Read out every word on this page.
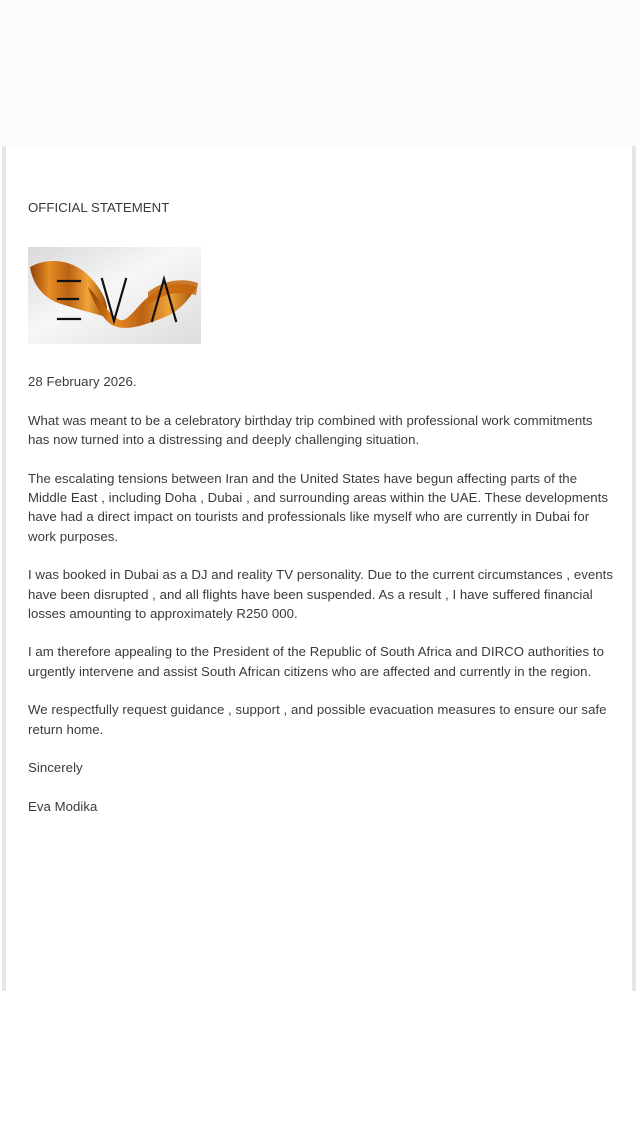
OFFICIAL STATEMENT

28 February 2026.

What was meant to be a celebratory birthday trip combined with professional work commitments has now turned into a distressing and deeply challenging situation.

The escalating tensions between Iran and the United States have begun affecting parts of the Middle East , including Doha , Dubai , and surrounding areas within the UAE. These developments have had a direct impact on tourists and professionals like myself who are currently in Dubai for work purposes.

I was booked in Dubai as a DJ and reality TV personality. Due to the current circumstances , events have been disrupted , and all flights have been suspended. As a result , I have suffered financial losses amounting to approximately R250 000.

I am therefore appealing to the President of the Republic of South Africa and DIRCO authorities to urgently intervene and assist South African citizens who are affected and currently in the region.

We respectfully request guidance , support , and possible evacuation measures to ensure our safe return home.

Sincerely

Eva Modika
